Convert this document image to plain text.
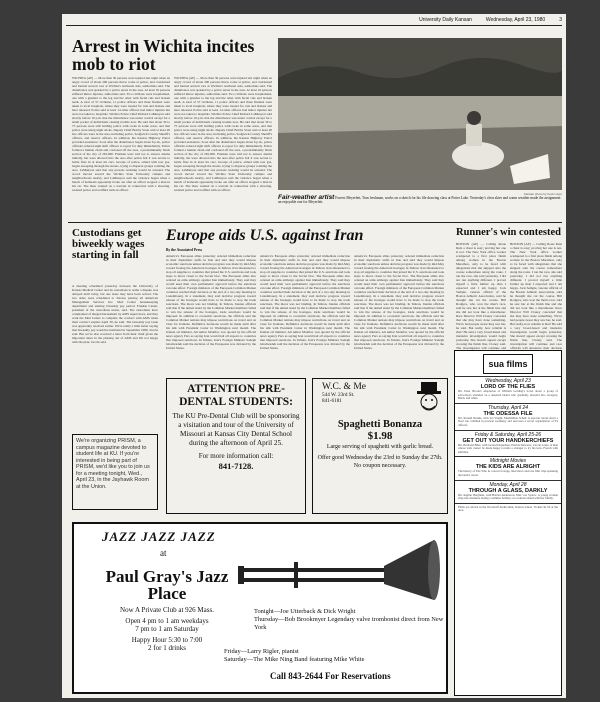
University Daily Kansan	Wednesday, April 23, 1980	3
Arrest in Wichita incites mob to riot
WICHITA (AP) — More than 30 persons were injured last night when an angry crowd of about 200 persons threw rocks at police, and overturned and burned several cars at Wichita's northeast side, authorities said. The disturbance was sparked by a police arrest in the area. At least 16 persons suffered minor injuries, authorities said. Two civilians were hospitalized, one with a gunshot to the leg and the other with facial cuts and broken teeth. A total of 37 civilians, 11 police officers and three firemen were taken to local hospitals, where they were treated for cuts and bruises and later released. Police said at least 14 other officers had minor injuries but were not taken to hospitals. Wichita Police Chief Richard LaMunyon said shortly before 10 p.m. that the disturbance was under control except for a small pocket of individuals causing trouble now. He said that about 30 to 75 persons were still battling police with rocks in some areas, and that police were using night sticks. Deputy Chief Bobby Stout said at least 20 law officers were in the area, including police, Sedgwick County Sheriff's officers, and reserve officers. In addition, the Kansas Highway Patrol provided assistance. Soon after the disturbance began about 6 p.m., police officials ordered eight shift officers to report for duty immediately. Police formed a human chain and cordoned off the area, a predominantly black section of the city of 265,000. Firemen were told not to answer alarms initially, but were allowed into the area after police felt it was secure to battle fires in at least six cars. Groups of police, armed with tear gas, began sweeping through the streets, trying to disperse groups roaming the area. LaMunyon said that any persons resisting would be arrested. The crowd moved toward the Wichita State University campus and neighborhoods nearby, and LaMunyon said the violence began when a bunch of hotheads apparently broke out after an officer stopped a man in his car. The man, wanted on a warrant in connection with a shooting, resisted police and scuffled with an officer.
WICHITA (AP) — More than 30 persons were injured last night when an angry crowd of about 200 persons threw rocks at police, and overturned and burned several cars at Wichita's northeast side, authorities said. The disturbance was sparked by a police arrest in the area. At least 16 persons suffered minor injuries, authorities said. Two civilians were hospitalized, one with a gunshot to the leg and the other with facial cuts and broken teeth. A total of 37 civilians, 11 police officers and three firemen were taken to local hospitals, where they were treated for cuts and bruises and later released. Police said at least 14 other officers had minor injuries but were not taken to hospitals. Wichita Police Chief Richard LaMunyon said shortly before 10 p.m. that the disturbance was under control except for a small pocket of individuals causing trouble now. He said that about 30 to 75 persons were still battling police with rocks in some areas, and that police were using night sticks. Deputy Chief Bobby Stout said at least 20 law officers were in the area, including police, Sedgwick County Sheriff's officers, and reserve officers. In addition, the Kansas Highway Patrol provided assistance. Soon after the disturbance began about 6 p.m., police officials ordered eight shift officers to report for duty immediately. Police formed a human chain and cordoned off the area, a predominantly black section of the city of 265,000. Firemen were told not to answer alarms initially, but were allowed into the area after police felt it was secure to battle fires in at least six cars. Groups of police, armed with tear gas, began sweeping through the streets, trying to disperse groups roaming the area. LaMunyon said that any persons resisting would be arrested. The crowd moved toward the Wichita State University campus and neighborhoods nearby, and LaMunyon said the violence began when a bunch of hotheads apparently broke out after an officer stopped a man in his car. The man, wanted on a warrant in connection with a shooting, resisted police and scuffled with an officer.
Kansan photo by Kevin Hyer
Fair-weather artist Forrest Meyerlett, Tran freshman, works on a sketch for his life drawing class at Potter Lake. Yesterday's clear skies and warm weather made the assignment an enjoyable one for Meyerlett.
Custodians get biweekly wages starting in fall
A meeting scheduled yesterday between the University of Kansas Medical Center and its custodians to settle a dispute was delayed until today, but one issue may have been solved. The two sides were scheduled to discuss placing all American Management Services Inc. Med Center housekeeping department and starting biweekly pay period. Frankie Center, president of the custodians union, said. The custodians have complained of alleged harassment by AMS supervisors, and they want the Med Center to complete the contract with AMS when their contract expires April 30, he said. The biweekly pay issue was apparently resolved earlier. We're really a little better saying that biweekly pay would be instituted in September 1980, Jacobs said. But we've also received a letter from their chief given the important dates in the phasing out of AMS and I'm not happy with the plan, Jacobs said.
We're organizing PRISM, a campus magazine devoted to student life at KU. If you're interested in being part of PRISM, we'd like you to join us for a meeting tonight, Wed., April 23, in the Jayhawk Room at the Union.
Europe aids U.S. against Iran
By the Associated Press
America's European allies yesterday ordered immediate reduction in their diplomatic staffs in Iran and said they would impose economic sanctions unless decisive progress was made by mid-May toward freeing the American hostages in Tehran. Iran threatened to stop oil supplies to countries that joined the U.S. sanctions and took steps to move closer to the Soviet bloc. The European allies also ordered an arms embargo against Iran immediately. They said they would need their own parliaments' approval before the sanctions can take effect. Foreign ministers of the European Common Market countries reached their decision at the end of a two-day meeting in Luxembourg. In a statement, they said decisive progress toward release of the hostages would have to be made to stop the trade sanctions. The move was not binding. In Tehran, Iranian officials said that if the united stand by the Common Market members failed to win the release of the hostages, trade sanctions would be imposed. In addition to economic sanctions, the officials said the Common Market nations may impose restrictions on travel and on visas for Iranians. Definitive decisions would be made until after his talk with President Carter in Washington next month. The Iranian oil minister, Ali Akbar Moinfar, was quoted by the official news agency Pars as saying Iran would halt all exports to countries that imposed sanctions. In Tehran, Iran's Foreign Minister Sadegh Ghotbzadeh said the decision of the Europeans was dictated by the United States.
America's European allies yesterday ordered immediate reduction in their diplomatic staffs in Iran and said they would impose economic sanctions unless decisive progress was made by mid-May toward freeing the American hostages in Tehran. Iran threatened to stop oil supplies to countries that joined the U.S. sanctions and took steps to move closer to the Soviet bloc. The European allies also ordered an arms embargo against Iran immediately. They said they would need their own parliaments' approval before the sanctions can take effect. Foreign ministers of the European Common Market countries reached their decision at the end of a two-day meeting in Luxembourg. In a statement, they said decisive progress toward release of the hostages would have to be made to stop the trade sanctions. The move was not binding. In Tehran, Iranian officials said that if the united stand by the Common Market members failed to win the release of the hostages, trade sanctions would be imposed. In addition to economic sanctions, the officials said the Common Market nations may impose restrictions on travel and on visas for Iranians. Definitive decisions would be made until after his talk with President Carter in Washington next month. The Iranian oil minister, Ali Akbar Moinfar, was quoted by the official news agency Pars as saying Iran would halt all exports to countries that imposed sanctions. In Tehran, Iran's Foreign Minister Sadegh Ghotbzadeh said the decision of the Europeans was dictated by the United States.
America's European allies yesterday ordered immediate reduction in their diplomatic staffs in Iran and said they would impose economic sanctions unless decisive progress was made by mid-May toward freeing the American hostages in Tehran. Iran threatened to stop oil supplies to countries that joined the U.S. sanctions and took steps to move closer to the Soviet bloc. The European allies also ordered an arms embargo against Iran immediately. They said they would need their own parliaments' approval before the sanctions can take effect. Foreign ministers of the European Common Market countries reached their decision at the end of a two-day meeting in Luxembourg. In a statement, they said decisive progress toward release of the hostages would have to be made to stop the trade sanctions. The move was not binding. In Tehran, Iranian officials said that if the united stand by the Common Market members failed to win the release of the hostages, trade sanctions would be imposed. In addition to economic sanctions, the officials said the Common Market nations may impose restrictions on travel and on visas for Iranians. Definitive decisions would be made until after his talk with President Carter in Washington next month. The Iranian oil minister, Ali Akbar Moinfar, was quoted by the official news agency Pars as saying Iran would halt all exports to countries that imposed sanctions. In Tehran, Iran's Foreign Minister Sadegh Ghotbzadeh said the decision of the Europeans was dictated by the United States.
Runner's win contested
BOSTON (AP) — Calling Rosie Ruiz a cheat is easy; proving her one is not. The New York office worker scampered to a first place finish among women in the Boston Marathon, only to be faced with allegations that she skipped onto the course somewhere along the route. I ran the race, she said yesterday. I did not run anything different. I proved myself a little further up than I expected and I am happy. Jock Semple, veteran official of the Boston Athletic Association, said he thought she cut the course. Bill Rodgers, who won the men's race, said he saw her at the finish line and she did not look like a marathoner. Race Director Will Cloney conceded that she may have done something. We've had people swear they saw her, he said. But really, how reliable is that? He said a very broad-based and intensive investigation would begin yesterday. She doesn't appear except crossing the finish line, Cloney said. The investigation will continue and
BOSTON (AP) — Calling Rosie Ruiz a cheat is easy; proving her one is not. The New York office worker scampered to a first place finish among women in the Boston Marathon, only to be faced with allegations that she skipped onto the course somewhere along the route. I ran the race, she said yesterday. I did not run anything different. I proved myself a little further up than I expected and I am happy. Jock Semple, veteran official of the Boston Athletic Association, said he thought she cut the course. Bill Rodgers, who won the men's race, said he saw her at the finish line and she did not look like a marathoner. Race Director Will Cloney conceded that she may have done something. We've had people swear they saw her, he said. But really, how reliable is that? He said a very broad-based and intensive investigation would begin yesterday. She doesn't appear except crossing the finish line, Cloney said. The investigation will continue and race officials will announce their decision
ATTENTION PRE-DENTAL STUDENTS:
The KU Pre-Dental Club will be sponsoring a visitation and tour of the University of Missouri at Kansas City Dental School during the afternoon of April 25.
For more information call:
841-7128.
W.C. & Me
544 W. 23rd St.
841-6181
Spaghetti Bonanza
$1.98
Large serving of spaghetti with garlic bread.
Offer good Wednesday the 23rd to Sunday the 27th.
No coupon necessary.
sua films
Wednesday, April 23
LORD OF THE FLIES
Dir. Peter Brook's adaptation of William Golding's novel about a group of schoolboys stranded on a deserted island who gradually descend into savagery. Black and white.
Thursday, April 24
THE ODESSA FILE
Dir. Ronald Neame, with Jon Voight, Maximilian Schell. A reporter tracks down a Nazi war criminal in postwar Germany and uncovers a secret organization of SS officers.
Friday & Saturday, April 25-26
GET OUT YOUR HANDKERCHIEFS
Dir. Bertrand Blier, with Gerard Depardieu, Patrick Dewaere, Carole Laure. A man whose wife cannot be made happy recruits a stranger to try his luck. French with subtitles.
Midnight Movies
THE KIDS ARE ALRIGHT
The history of The Who in concert footage, interviews and rare film clips spanning the band's career.
Monday, April 28
THROUGH A GLASS, DARKLY
Dir. Ingmar Bergman, with Harriet Andersson, Max von Sydow. A young woman slips into madness during a summer holiday on a remote island with her family.
Films are shown in the Woodruff Auditorium, Kansas Union. Tickets $1.50 at the door.
JAZZ JAZZ JAZZ
at
Paul Gray's Jazz
Place
Now A Private Club at 926 Mass.
Open 4 pm to 1 am weekdays
7 pm to 1 am Saturday
Happy Hour 5:30 to 7:00
2 for 1 drinks
Tonight—Joe Utterback & Dick Wright
Thursday—Bob Brookmyer Legendary valve trombonist direct from New York
Friday—Larry Rigler, pianist
Saturday—The Mike Ning Band featuring Mike White
Call 843-2644 For Reservations
